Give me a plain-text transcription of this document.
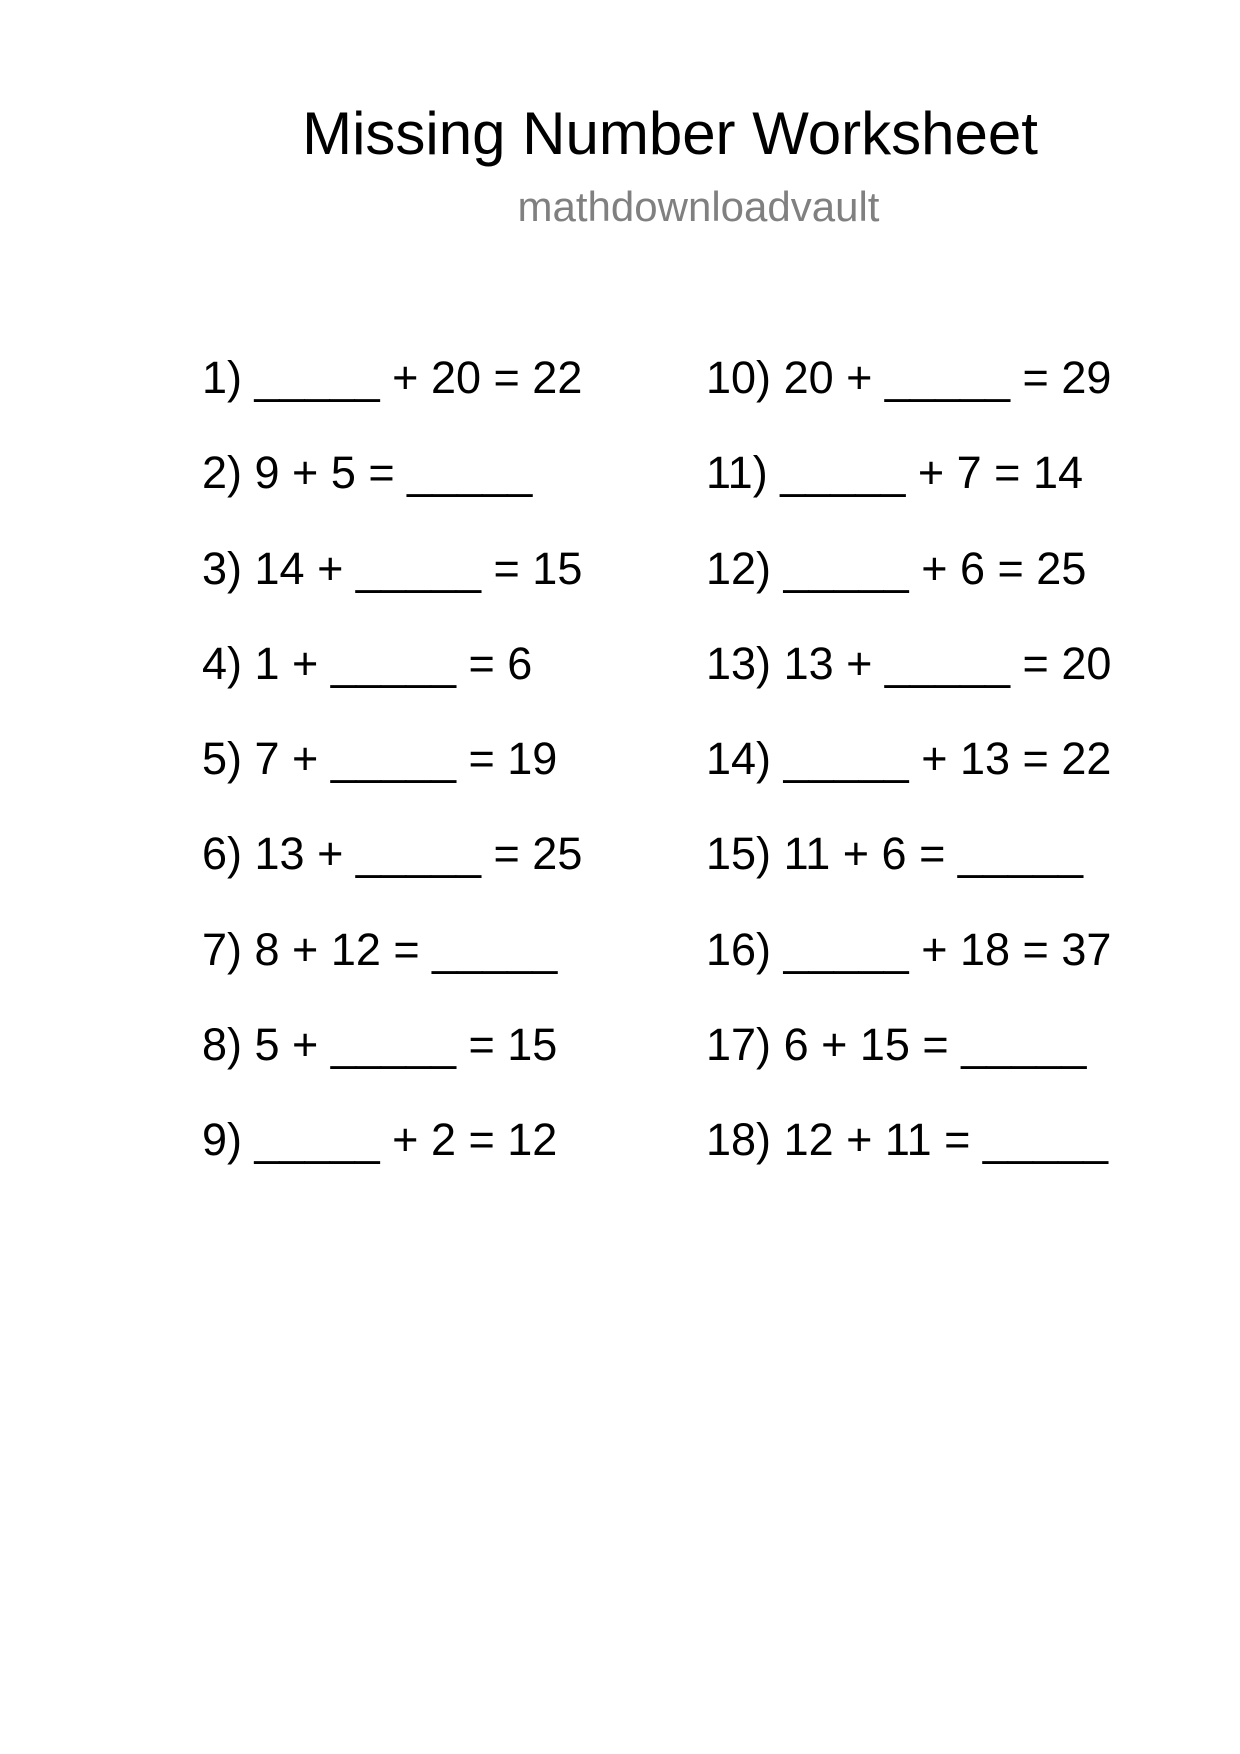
Missing Number Worksheet
mathdownloadvault
1) _____ + 20 = 22
2) 9 + 5 = _____
3) 14 + _____ = 15
4) 1 + _____ = 6
5) 7 + _____ = 19
6) 13 + _____ = 25
7) 8 + 12 = _____
8) 5 + _____ = 15
9) _____ + 2 = 12
10) 20 + _____ = 29
11) _____ + 7 = 14
12) _____ + 6 = 25
13) 13 + _____ = 20
14) _____ + 13 = 22
15) 11 + 6 = _____
16) _____ + 18 = 37
17) 6 + 15 = _____
18) 12 + 11 = _____
